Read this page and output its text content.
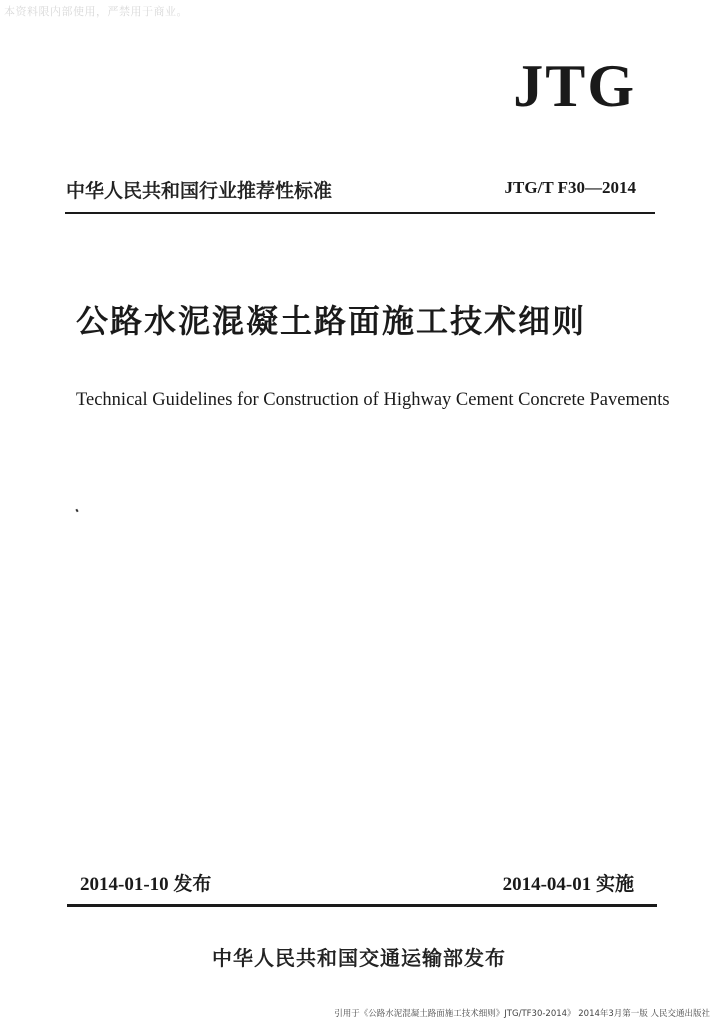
本资料限内部使用，严禁用于商业。
JTG
中华人民共和国行业推荐性标准	JTG/T F30—2014
公路水泥混凝土路面施工技术细则
Technical Guidelines for Construction of Highway Cement Concrete Pavements
2014-01-10 发布	2014-04-01 实施
中华人民共和国交通运输部发布
引用于《公路水泥混凝土路面施工技术细则》JTG/TF30-2014》 2014年3月第一版 人民交通出版社
